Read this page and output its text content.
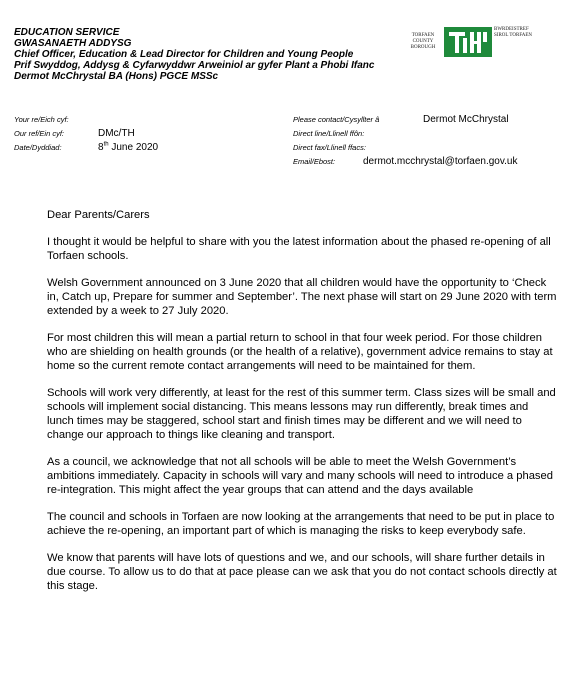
EDUCATION SERVICE
GWASANAETH ADDYSG
Chief Officer, Education & Lead Director for Children and Young People
Prif Swyddog, Addysg & Cyfarwyddwr Arweiniol ar gyfer Plant a Phobi Ifanc
Dermot McChrystal BA (Hons) PGCE MSSc
TORFAEN COUNTY BOROUGH
BWRDEISTREF SIROL TORFAEN
Your re/Eich cyf:
Our ref/Ein cyf:	DMc/TH
Date/Dyddiad:	8th June 2020
Please contact/Cysyllter â	Dermot McChrystal
Direct line/Llinell ffôn:
Direct fax/Llinell ffacs:
Email/Ebost:	dermot.mcchrystal@torfaen.gov.uk

Dear Parents/Carers

I thought it would be helpful to share with you the latest information about the phased re-opening of all Torfaen schools.

Welsh Government announced on 3 June 2020 that all children would have the opportunity to ‘Check in, Catch up, Prepare for summer and September’. The next phase will start on 29 June 2020 with term extended by a week to 27 July 2020.

For most children this will mean a partial return to school in that four week period. For those children who are shielding on health grounds (or the health of a relative), government advice remains to stay at home so the current remote contact arrangements will need to be maintained for them.

Schools will work very differently, at least for the rest of this summer term. Class sizes will be small and schools will implement social distancing. This means lessons may run differently, break times and lunch times may be staggered, school start and finish times may be different and we will need to change our approach to things like cleaning and transport.

As a council, we acknowledge that not all schools will be able to meet the Welsh Government’s ambitions immediately. Capacity in schools will vary and many schools will need to introduce a phased re-integration. This might affect the year groups that can attend and the days available

The council and schools in Torfaen are now looking at the arrangements that need to be put in place to achieve the re-opening, an important part of which is managing the risks to keep everybody safe.

We know that parents will have lots of questions and we, and our schools, will share further details in due course. To allow us to do that at pace please can we ask that you do not contact schools directly at this stage.
